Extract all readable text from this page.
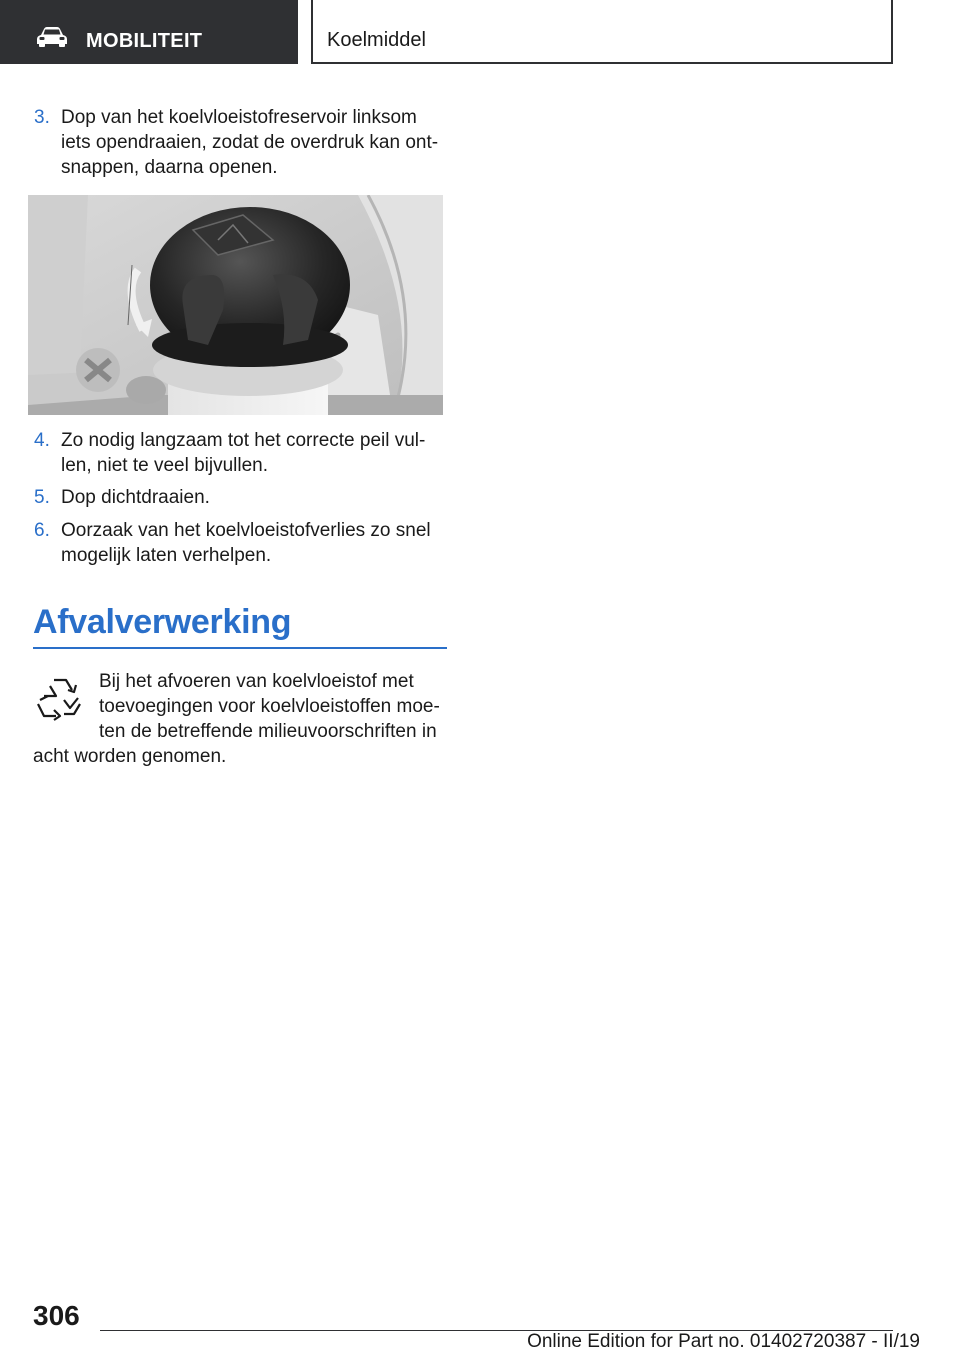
MOBILITEIT	Koelmiddel
3. Dop van het koelvloeistofreservoir linksom iets opendraaien, zodat de overdruk kan ontsnappen, daarna openen.
4. Zo nodig langzaam tot het correcte peil vullen, niet te veel bijvullen.
5. Dop dichtdraaien.
6. Oorzaak van het koelvloeistofverlies zo snel mogelijk laten verhelpen.
Afvalverwerking
Bij het afvoeren van koelvloeistof met toevoegingen voor koelvloeistoffen moeten de betreffende milieuvoorschriften in acht worden genomen.
306
Online Edition for Part no. 01402720387 - II/19
